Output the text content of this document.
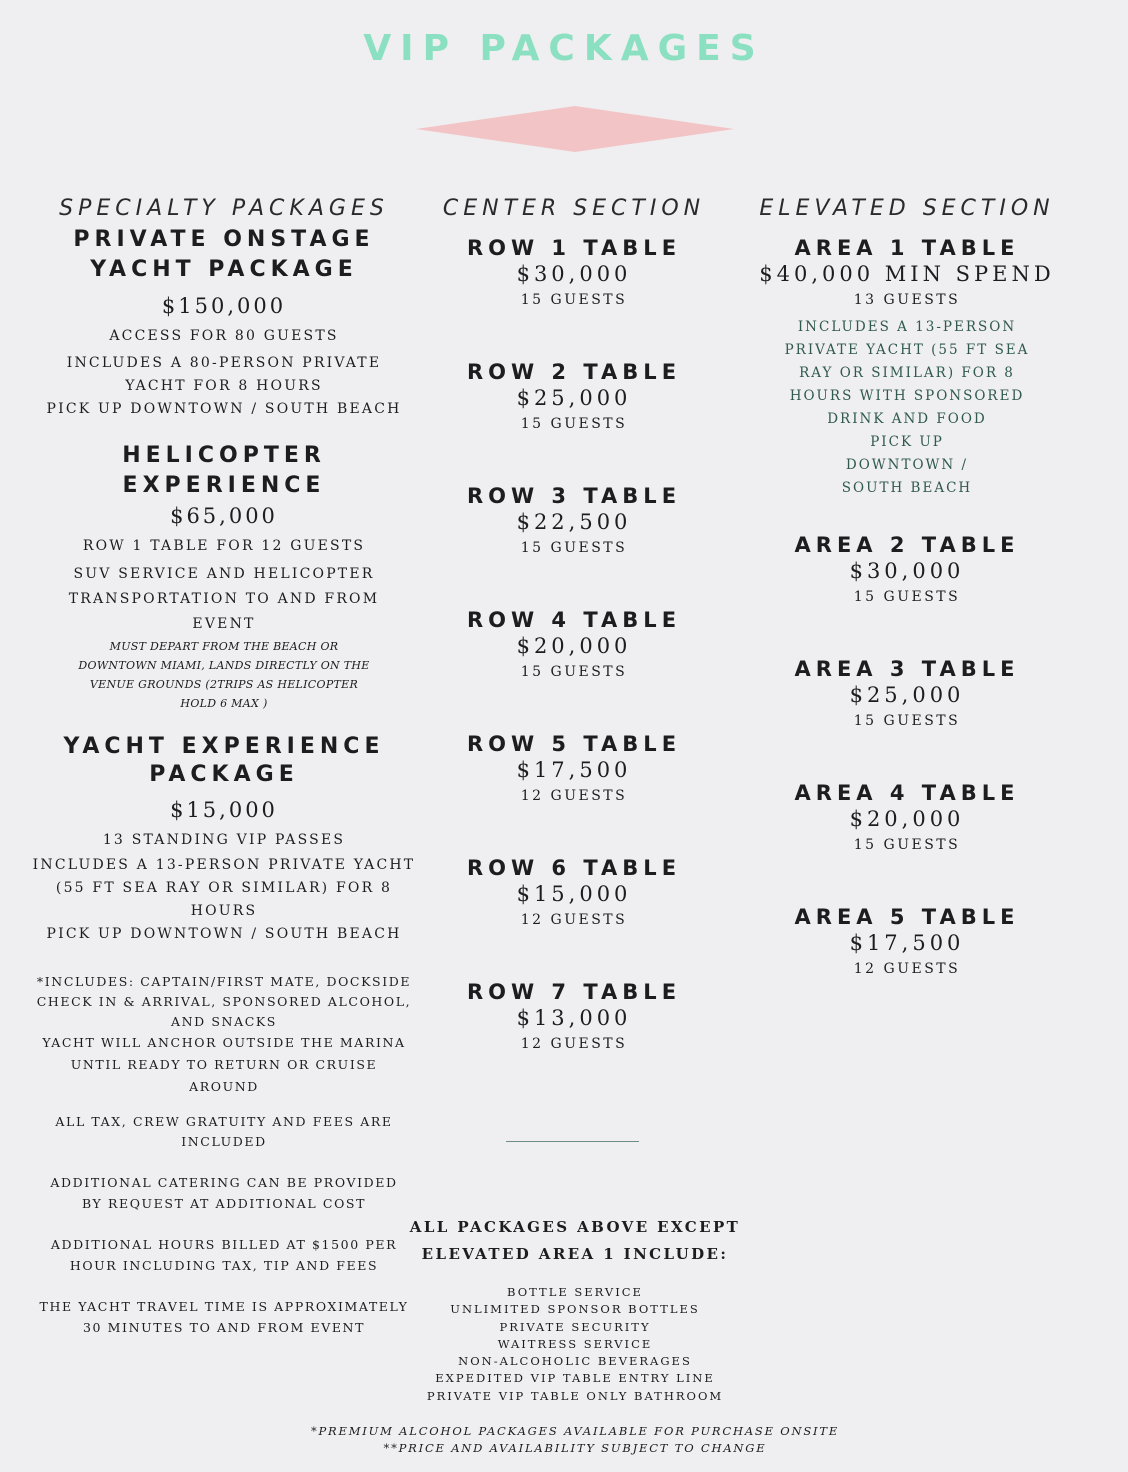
VIP PACKAGES
SPECIALTY PACKAGES
PRIVATE ONSTAGE YACHT PACKAGE
$150,000
ACCESS FOR 80 GUESTS
INCLUDES A 80-PERSON PRIVATE YACHT FOR 8 HOURS
PICK UP DOWNTOWN / SOUTH BEACH
HELICOPTER EXPERIENCE
$65,000
ROW 1 TABLE FOR 12 GUESTS
SUV SERVICE AND HELICOPTER TRANSPORTATION TO AND FROM EVENT
MUST DEPART FROM THE BEACH OR DOWNTOWN MIAMI, LANDS DIRECTLY ON THE VENUE GROUNDS (2TRIPS AS HELICOPTER HOLD 6 MAX )
YACHT EXPERIENCE PACKAGE
$15,000
13 STANDING VIP PASSES
INCLUDES A 13-PERSON PRIVATE YACHT (55 FT SEA RAY OR SIMILAR) FOR 8 HOURS
PICK UP DOWNTOWN / SOUTH BEACH
*INCLUDES: CAPTAIN/FIRST MATE, DOCKSIDE CHECK IN & ARRIVAL, SPONSORED ALCOHOL, AND SNACKS
YACHT WILL ANCHOR OUTSIDE THE MARINA UNTIL READY TO RETURN OR CRUISE AROUND
ALL TAX, CREW GRATUITY AND FEES ARE INCLUDED
ADDITIONAL CATERING CAN BE PROVIDED BY REQUEST AT ADDITIONAL COST
ADDITIONAL HOURS BILLED AT $1500 PER HOUR INCLUDING TAX, TIP AND FEES
THE YACHT TRAVEL TIME IS APPROXIMATELY 30 MINUTES TO AND FROM EVENT
CENTER SECTION
ROW 1 TABLE
$30,000
15 GUESTS
ROW 2 TABLE
$25,000
15 GUESTS
ROW 3 TABLE
$22,500
15 GUESTS
ROW 4 TABLE
$20,000
15 GUESTS
ROW 5 TABLE
$17,500
12 GUESTS
ROW 6 TABLE
$15,000
12 GUESTS
ROW 7 TABLE
$13,000
12 GUESTS
ELEVATED SECTION
AREA 1 TABLE
$40,000 MIN SPEND
13 GUESTS
INCLUDES A 13-PERSON PRIVATE YACHT (55 FT SEA RAY OR SIMILAR) FOR 8 HOURS WITH SPONSORED DRINK AND FOOD
PICK UP DOWNTOWN / SOUTH BEACH
AREA 2 TABLE
$30,000
15 GUESTS
AREA 3 TABLE
$25,000
15 GUESTS
AREA 4 TABLE
$20,000
15 GUESTS
AREA 5 TABLE
$17,500
12 GUESTS
ALL PACKAGES ABOVE EXCEPT ELEVATED AREA 1 INCLUDE:
BOTTLE SERVICE
UNLIMITED SPONSOR BOTTLES
PRIVATE SECURITY
WAITRESS SERVICE
NON-ALCOHOLIC BEVERAGES
EXPEDITED VIP TABLE ENTRY LINE
PRIVATE VIP TABLE ONLY BATHROOM
*PREMIUM ALCOHOL PACKAGES AVAILABLE FOR PURCHASE ONSITE
**PRICE AND AVAILABILITY SUBJECT TO CHANGE
